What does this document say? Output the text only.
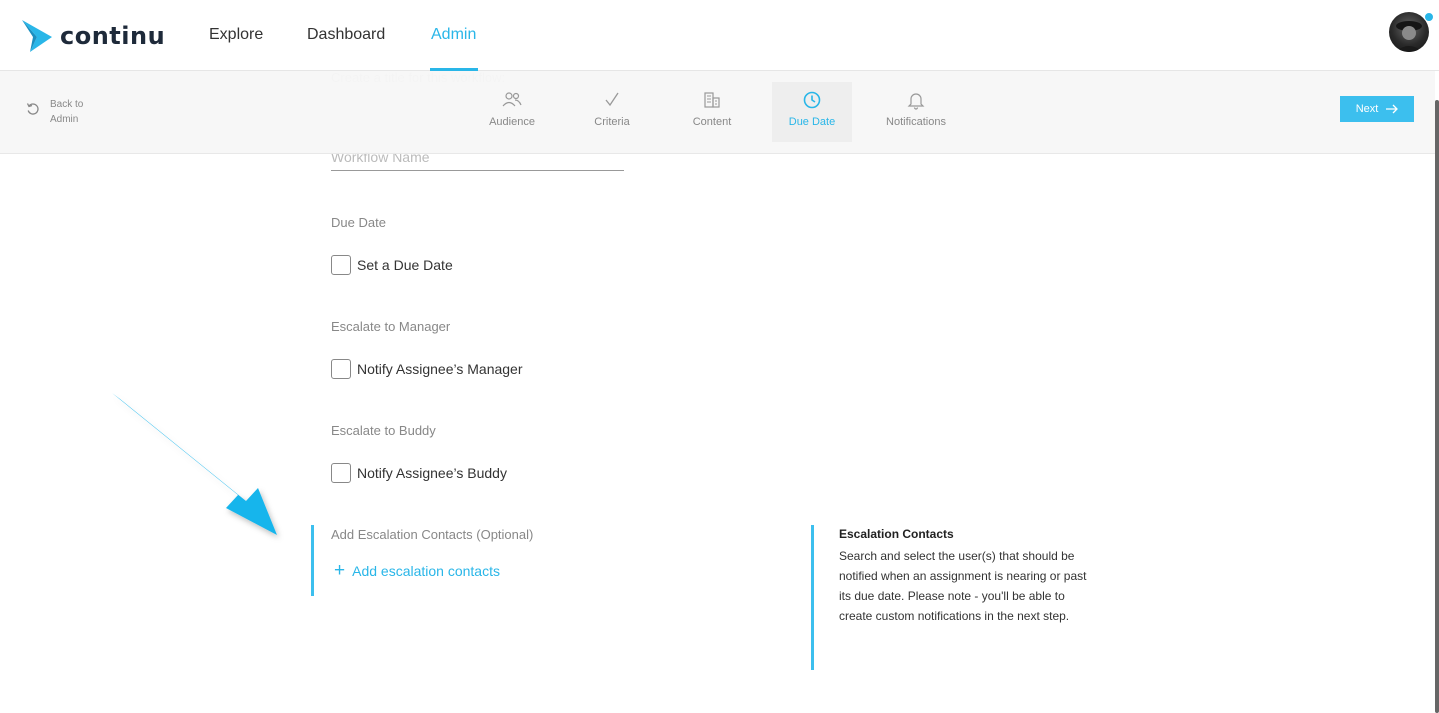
continu	Explore	Dashboard	Admin
Back to
Admin	Audience	Criteria	Content	Due Date	Notifications
Next
Workflow Name
Due Date
Set a Due Date
Escalate to Manager
Notify Assignee’s Manager
Escalate to Buddy
Notify Assignee’s Buddy
Add Escalation Contacts (Optional)
+ Add escalation contacts
Escalation Contacts
Search and select the user(s) that should be notified when an assignment is nearing or past its due date. Please note - you'll be able to create custom notifications in the next step.
